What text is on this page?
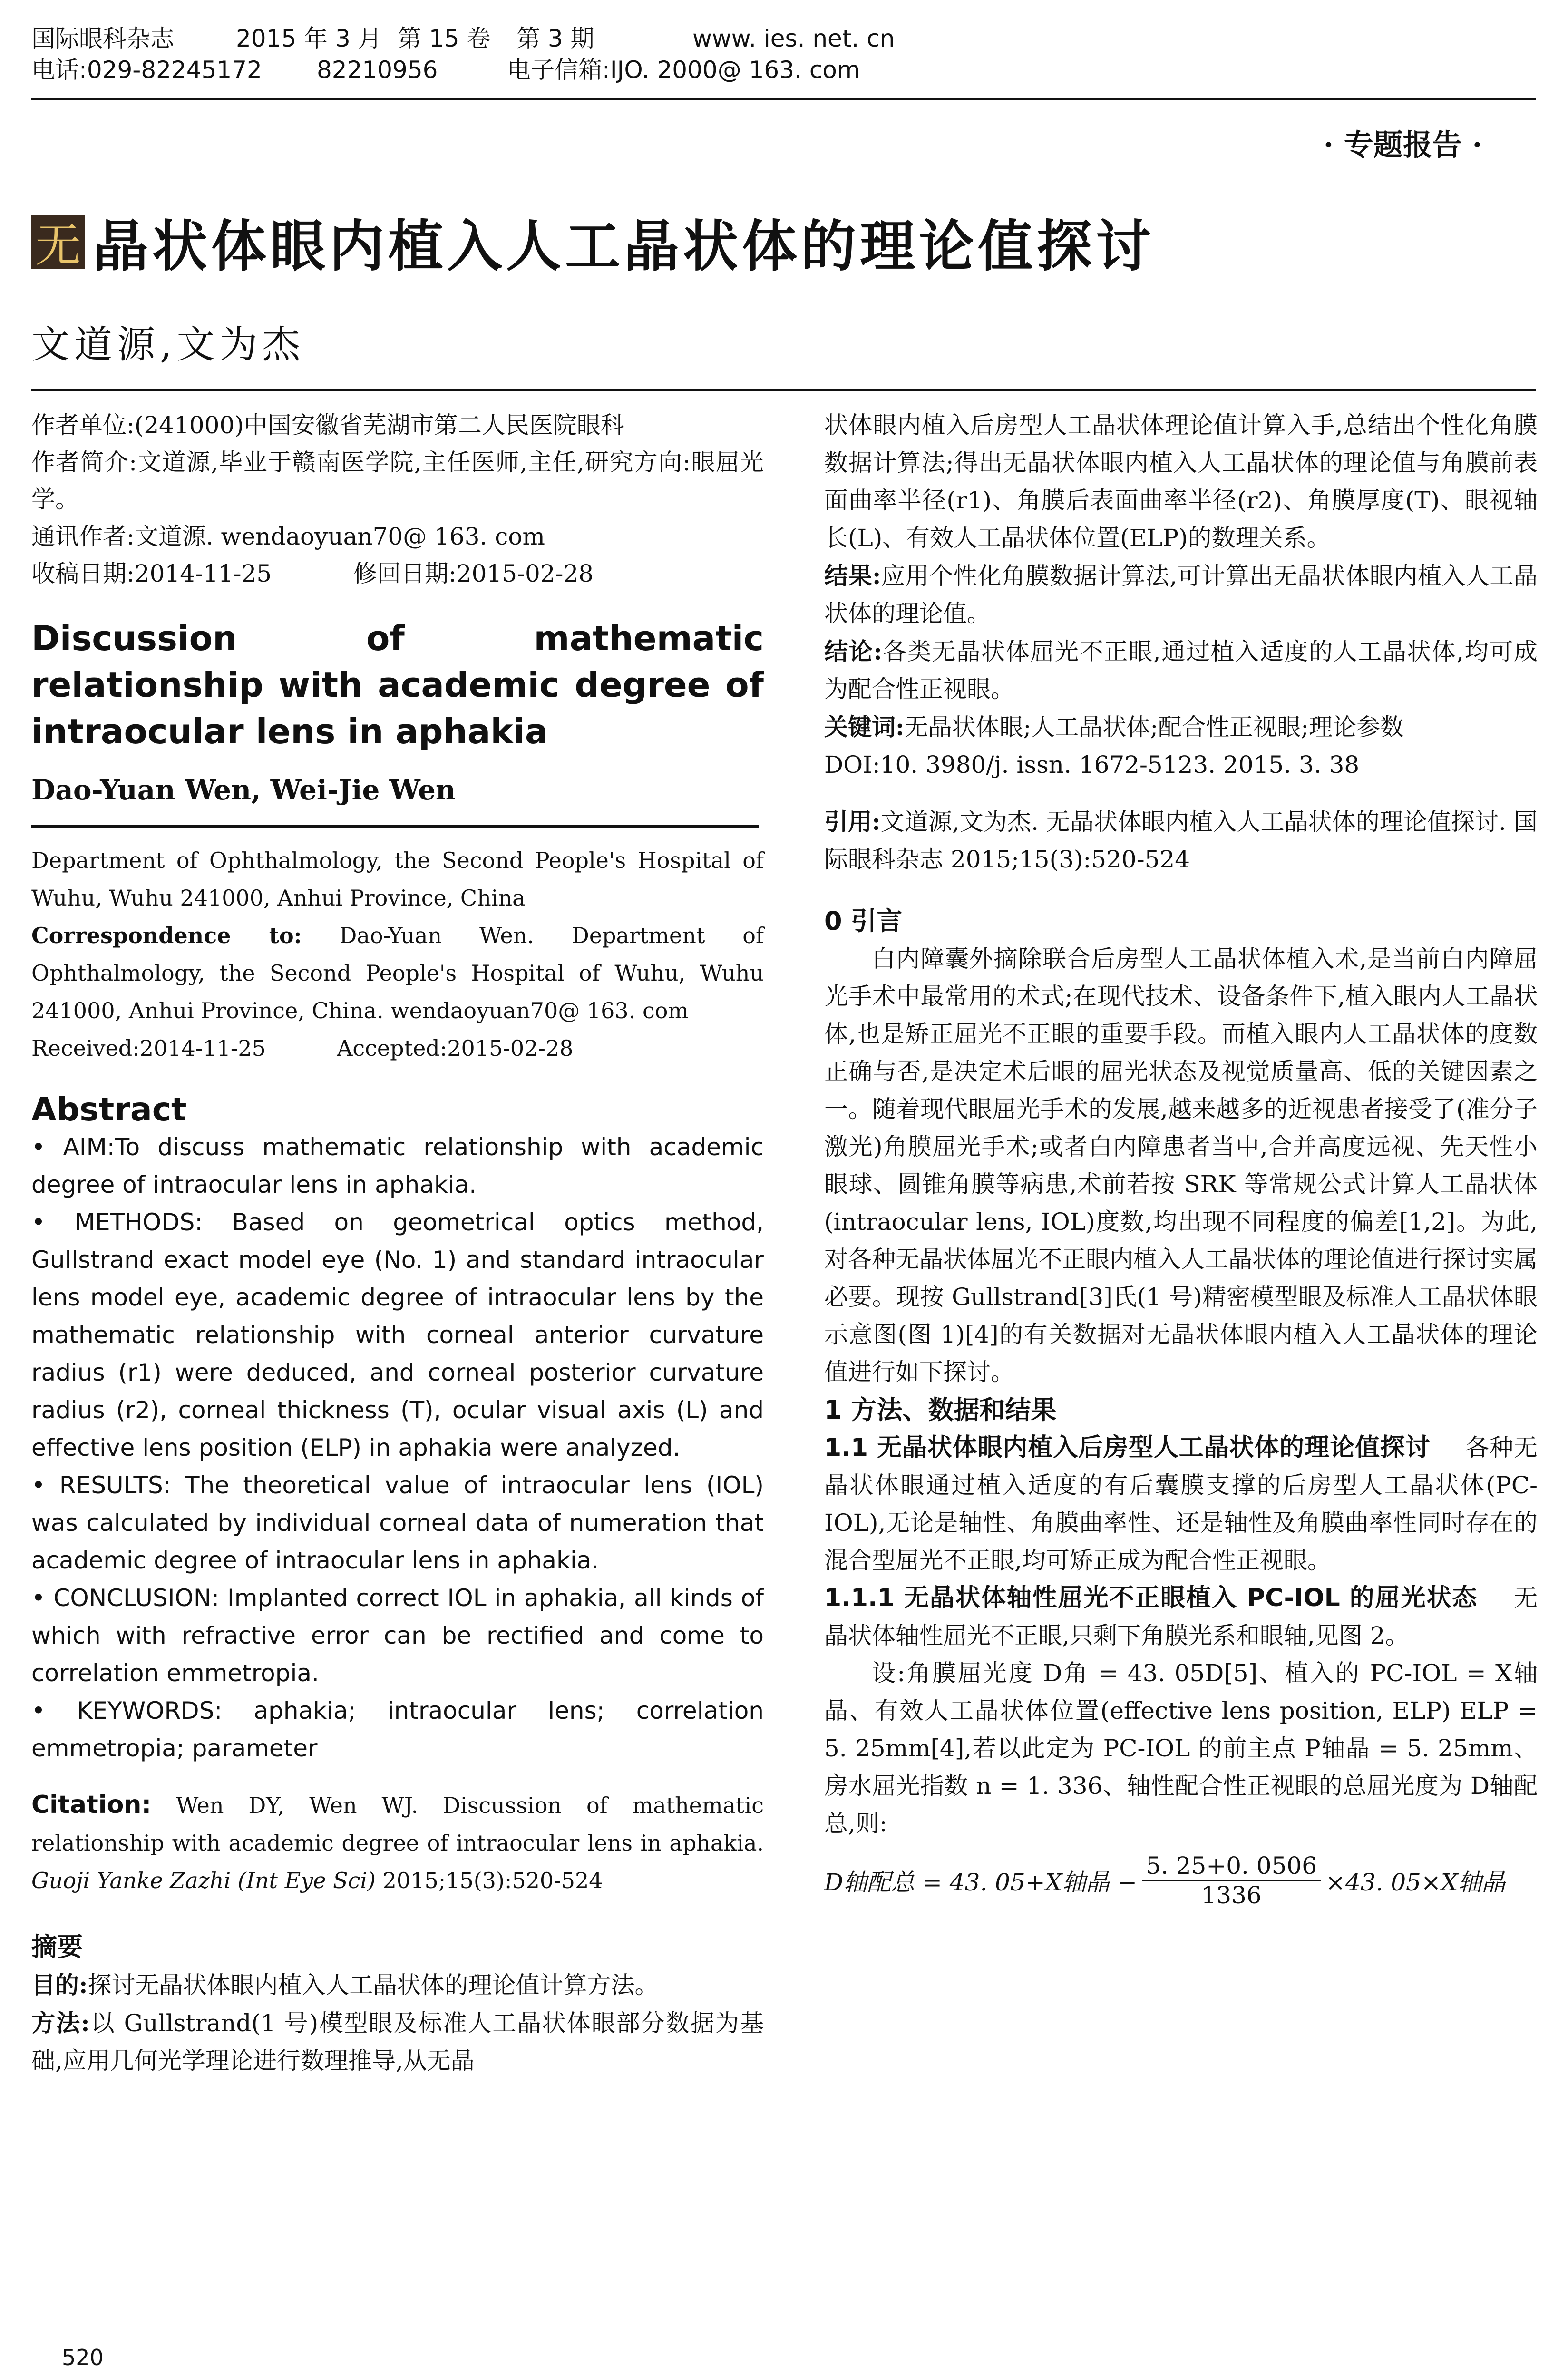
国际眼科杂志	2015 年 3 月 第 15 卷	第 3 期	www. ies. net. cn
电话:029-82245172	82210956	电子信箱:IJO. 2000@ 163. com
· 专题报告 ·
无 晶状体眼内植入人工晶状体的理论值探讨
文道源,文为杰

作者单位:(241000)中国安徽省芜湖市第二人民医院眼科

作者简介:文道源,毕业于赣南医学院,主任医师,主任,研究方向:眼屈光学。

通讯作者:文道源. wendaoyuan70@ 163. com

收稿日期:2014-11-25	修回日期:2015-02-28

Discussion of mathematic relationship with academic degree of intraocular lens in aphakia

Dao-Yuan Wen, Wei-Jie Wen

Department of Ophthalmology, the Second People's Hospital of Wuhu, Wuhu 241000, Anhui Province, China

Correspondence to: Dao-Yuan Wen. Department of Ophthalmology, the Second People's Hospital of Wuhu, Wuhu 241000, Anhui Province, China. wendaoyuan70@ 163. com

Received:2014-11-25	Accepted:2015-02-28

Abstract

• AIM:To discuss mathematic relationship with academic degree of intraocular lens in aphakia.

• METHODS: Based on geometrical optics method, Gullstrand exact model eye (No. 1) and standard intraocular lens model eye, academic degree of intraocular lens by the mathematic relationship with corneal anterior curvature radius (r1) were deduced, and corneal posterior curvature radius (r2), corneal thickness (T), ocular visual axis (L) and effective lens position (ELP) in aphakia were analyzed.

• RESULTS: The theoretical value of intraocular lens (IOL) was calculated by individual corneal data of numeration that academic degree of intraocular lens in aphakia.

• CONCLUSION: Implanted correct IOL in aphakia, all kinds of which with refractive error can be rectified and come to correlation emmetropia.

• KEYWORDS: aphakia; intraocular lens; correlation emmetropia; parameter

Citation: Wen DY, Wen WJ. Discussion of mathematic relationship with academic degree of intraocular lens in aphakia. Guoji Yanke Zazhi (Int Eye Sci) 2015;15(3):520-524

摘要

目的:探讨无晶状体眼内植入人工晶状体的理论值计算方法。

方法:以 Gullstrand(1 号)模型眼及标准人工晶状体眼部分数据为基础,应用几何光学理论进行数理推导,从无晶

状体眼内植入后房型人工晶状体理论值计算入手,总结出个性化角膜数据计算法;得出无晶状体眼内植入人工晶状体的理论值与角膜前表面曲率半径(r1)、角膜后表面曲率半径(r2)、角膜厚度(T)、眼视轴长(L)、有效人工晶状体位置(ELP)的数理关系。

结果:应用个性化角膜数据计算法,可计算出无晶状体眼内植入人工晶状体的理论值。

结论:各类无晶状体屈光不正眼,通过植入适度的人工晶状体,均可成为配合性正视眼。

关键词:无晶状体眼;人工晶状体;配合性正视眼;理论参数

DOI:10. 3980/j. issn. 1672-5123. 2015. 3. 38

引用:文道源,文为杰. 无晶状体眼内植入人工晶状体的理论值探讨. 国际眼科杂志 2015;15(3):520-524

0 引言

白内障囊外摘除联合后房型人工晶状体植入术,是当前白内障屈光手术中最常用的术式;在现代技术、设备条件下,植入眼内人工晶状体,也是矫正屈光不正眼的重要手段。而植入眼内人工晶状体的度数正确与否,是决定术后眼的屈光状态及视觉质量高、低的关键因素之一。随着现代眼屈光手术的发展,越来越多的近视患者接受了(准分子激光)角膜屈光手术;或者白内障患者当中,合并高度远视、先天性小眼球、圆锥角膜等病患,术前若按 SRK 等常规公式计算人工晶状体(intraocular lens, IOL)度数,均出现不同程度的偏差[1,2]。为此,对各种无晶状体屈光不正眼内植入人工晶状体的理论值进行探讨实属必要。现按 Gullstrand[3]氏(1 号)精密模型眼及标准人工晶状体眼示意图(图 1)[4]的有关数据对无晶状体眼内植入人工晶状体的理论值进行如下探讨。

1 方法、数据和结果

1.1 无晶状体眼内植入后房型人工晶状体的理论值探讨 各种无晶状体眼通过植入适度的有后囊膜支撑的后房型人工晶状体(PC-IOL),无论是轴性、角膜曲率性、还是轴性及角膜曲率性同时存在的混合型屈光不正眼,均可矫正成为配合性正视眼。

1.1.1 无晶状体轴性屈光不正眼植入 PC-IOL 的屈光状态 无晶状体轴性屈光不正眼,只剩下角膜光系和眼轴,见图 2。

设:角膜屈光度 D角 = 43. 05D[5]、植入的 PC-IOL = X轴晶、有效人工晶状体位置(effective lens position, ELP) ELP = 5. 25mm[4],若以此定为 PC-IOL 的前主点 P轴晶 = 5. 25mm、房水屈光指数 n = 1. 336、轴性配合性正视眼的总屈光度为 D轴配总,则:

D轴配总 = 43. 05+X轴晶 − $\frac{5. 25+0. 0506}{1336} \times 43$. 05×X轴晶
520
